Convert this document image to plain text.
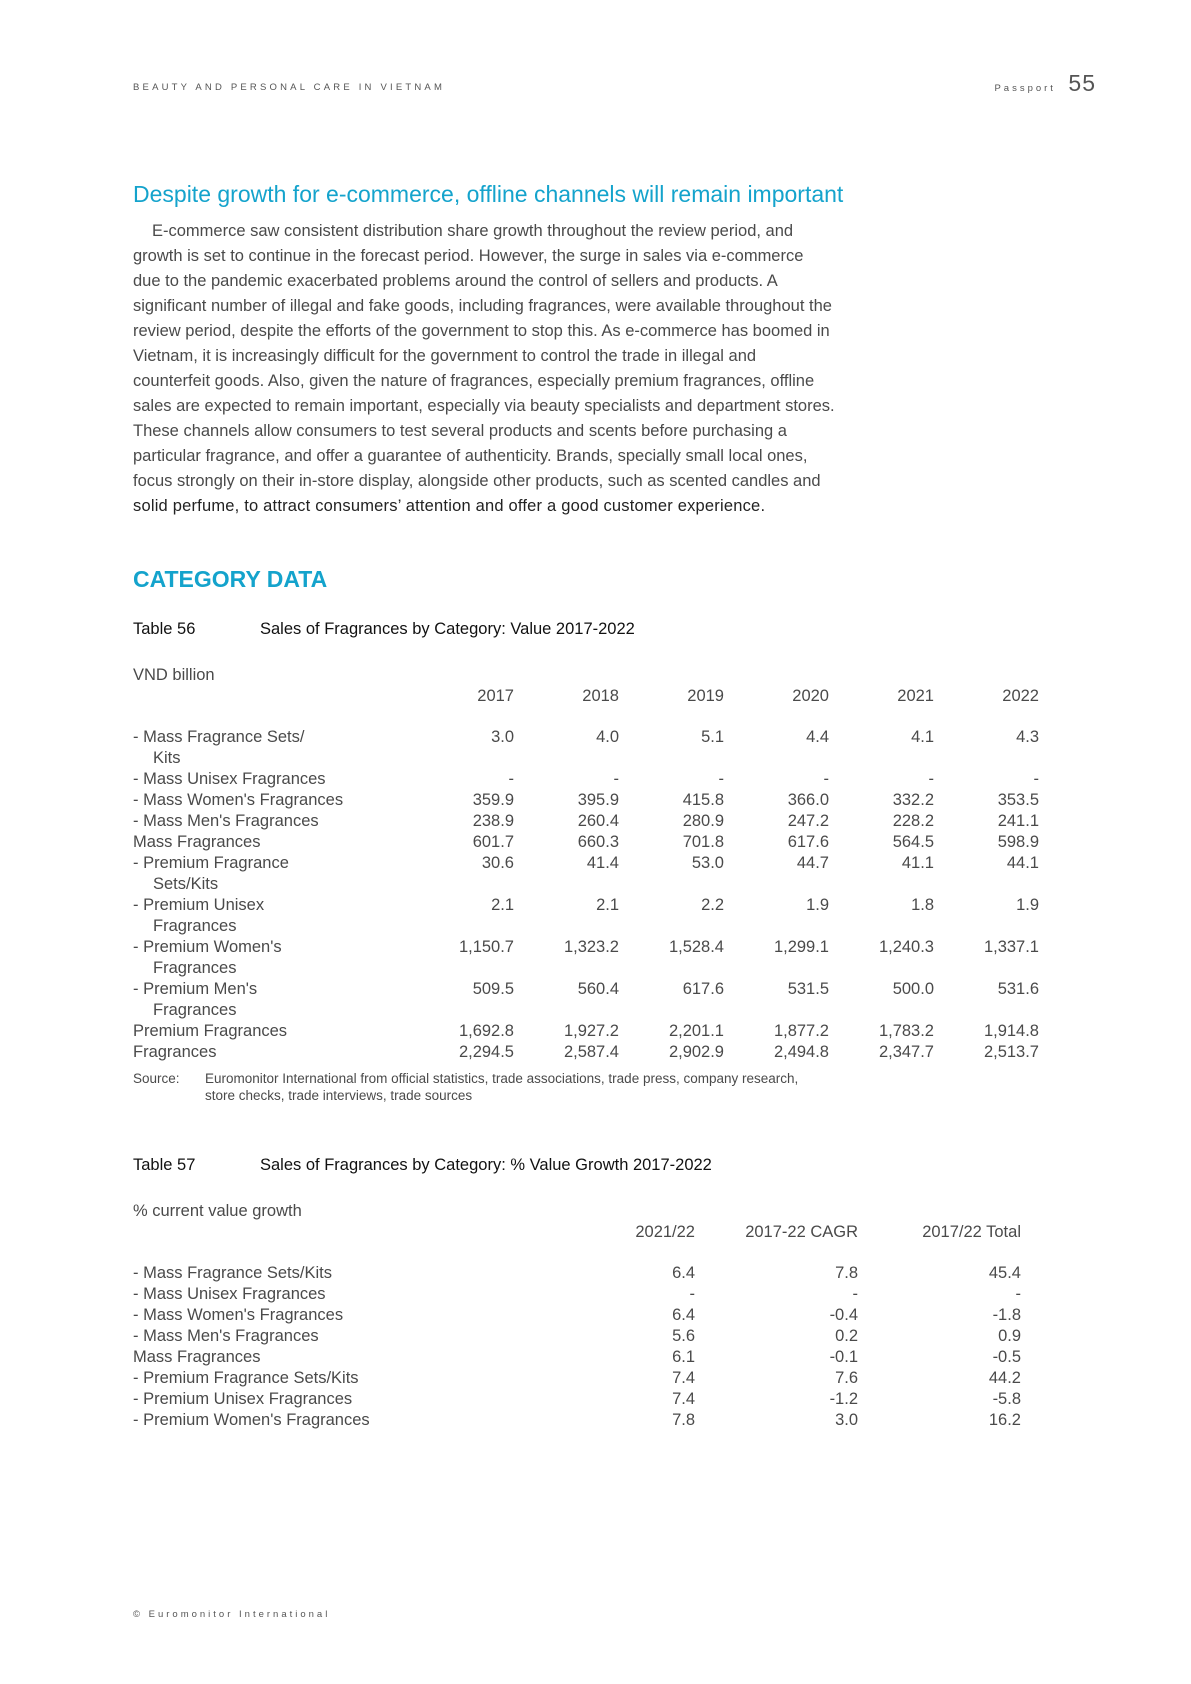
BEAUTY AND PERSONAL CARE IN VIETNAM	Passport 55
Despite growth for e-commerce, offline channels will remain important

E-commerce saw consistent distribution share growth throughout the review period, and

growth is set to continue in the forecast period. However, the surge in sales via e-commerce

due to the pandemic exacerbated problems around the control of sellers and products. A

significant number of illegal and fake goods, including fragrances, were available throughout the

review period, despite the efforts of the government to stop this. As e-commerce has boomed in

Vietnam, it is increasingly difficult for the government to control the trade in illegal and

counterfeit goods. Also, given the nature of fragrances, especially premium fragrances, offline

sales are expected to remain important, especially via beauty specialists and department stores.

These channels allow consumers to test several products and scents before purchasing a

particular fragrance, and offer a guarantee of authenticity. Brands, specially small local ones,

focus strongly on their in-store display, alongside other products, such as scented candles and

solid perfume, to attract consumers’ attention and offer a good customer experience.

CATEGORY DATA
Table 56	Sales of Fragrances by Category: Value 2017-2022
VND billion
	2017	2018	2019	2020	2021	2022

- Mass Fragrance Sets/
Kits	3.0	4.0	5.1	4.4	4.1	4.3

- Mass Unisex Fragrances	-	-	-	-	-	-

- Mass Women's Fragrances	359.9	395.9	415.8	366.0	332.2	353.5

- Mass Men's Fragrances	238.9	260.4	280.9	247.2	228.2	241.1

Mass Fragrances	601.7	660.3	701.8	617.6	564.5	598.9

- Premium Fragrance
Sets/Kits	30.6	41.4	53.0	44.7	41.1	44.1

- Premium Unisex
Fragrances	2.1	2.1	2.2	1.9	1.8	1.9

- Premium Women's
Fragrances	1,150.7	1,323.2	1,528.4	1,299.1	1,240.3	1,337.1

- Premium Men's
Fragrances	509.5	560.4	617.6	531.5	500.0	531.6

Premium Fragrances	1,692.8	1,927.2	2,201.1	1,877.2	1,783.2	1,914.8

Fragrances	2,294.5	2,587.4	2,902.9	2,494.8	2,347.7	2,513.7
Source: Euromonitor International from official statistics, trade associations, trade press, company research,
store checks, trade interviews, trade sources
Table 57	Sales of Fragrances by Category: % Value Growth 2017-2022
% current value growth
	2021/22	2017-22 CAGR	2017/22 Total

- Mass Fragrance Sets/Kits	6.4	7.8	45.4

- Mass Unisex Fragrances	-	-	-

- Mass Women's Fragrances	6.4	-0.4	-1.8

- Mass Men's Fragrances	5.6	0.2	0.9

Mass Fragrances	6.1	-0.1	-0.5

- Premium Fragrance Sets/Kits	7.4	7.6	44.2

- Premium Unisex Fragrances	7.4	-1.2	-5.8

- Premium Women's Fragrances	7.8	3.0	16.2
© Euromonitor International
